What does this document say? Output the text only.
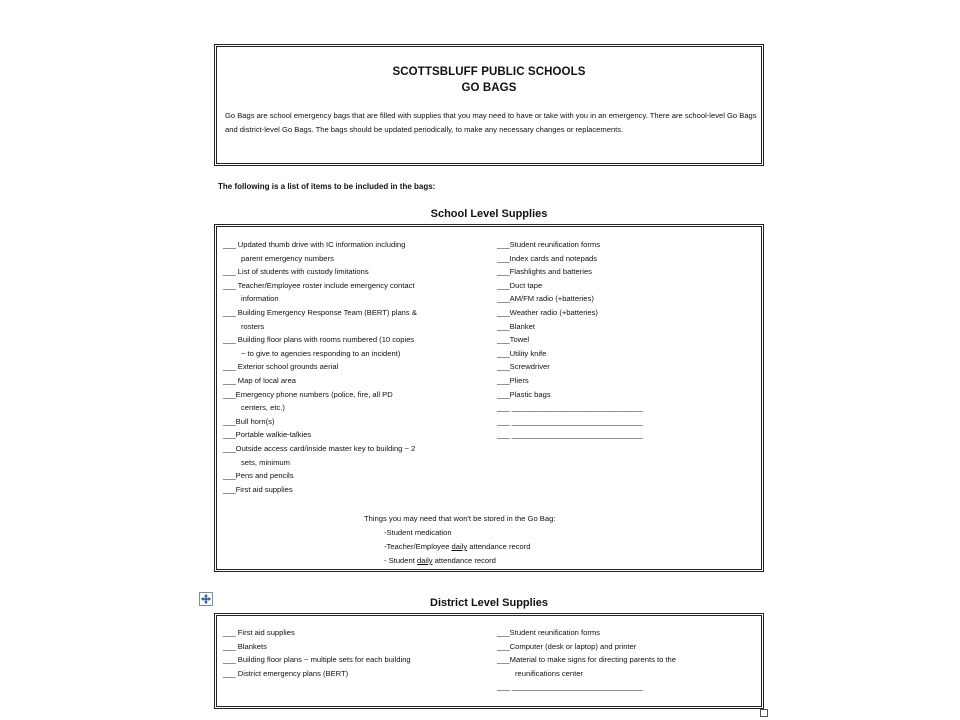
SCOTTSBLUFF PUBLIC SCHOOLS
GO BAGS
Go Bags are school emergency bags that are filled with supplies that you may need to have or take with you in an emergency. There are school-level Go Bags and district-level Go Bags. The bags should be updated periodically, to make any necessary changes or replacements.
The following is a list of items to be included in the bags:
School Level Supplies
___ Updated thumb drive with IC information including
parent emergency numbers
___ List of students with custody limitations
___ Teacher/Employee roster include emergency contact
information
___ Building Emergency Response Team (BERT) plans &
rosters
___ Building floor plans with rooms numbered (10 copies
~ to give to agencies responding to an incident)
___ Exterior school grounds aerial
___ Map of local area
___Emergency phone numbers (police, fire, all PD
centers, etc.)
___Bull horn(s)
___Portable walkie-talkies
___Outside access card/inside master key to building ~ 2
sets, minimum
___Pens and pencils
___First aid supplies
___Student reunification forms
___Index cards and notepads
___Flashlights and batteries
___Duct tape
___AM/FM radio (+batteries)
___Weather radio (+batteries)
___Blanket
___Towel
___Utility knife
___Screwdriver
___Pliers
___Plastic bags
___ _______________________________
___ _______________________________
___ _______________________________
Things you may need that won't be stored in the Go Bag:
-Student medication
-Teacher/Employee daily attendance record
- Student daily attendance record
District Level Supplies
___ First aid supplies
___ Blankets
___ Building floor plans ~ multiple sets for each building
___ District emergency plans (BERT)
___Student reunification forms
___Computer (desk or laptop) and printer
___Material to make signs for directing parents to the
reunifications center
___ _______________________________
